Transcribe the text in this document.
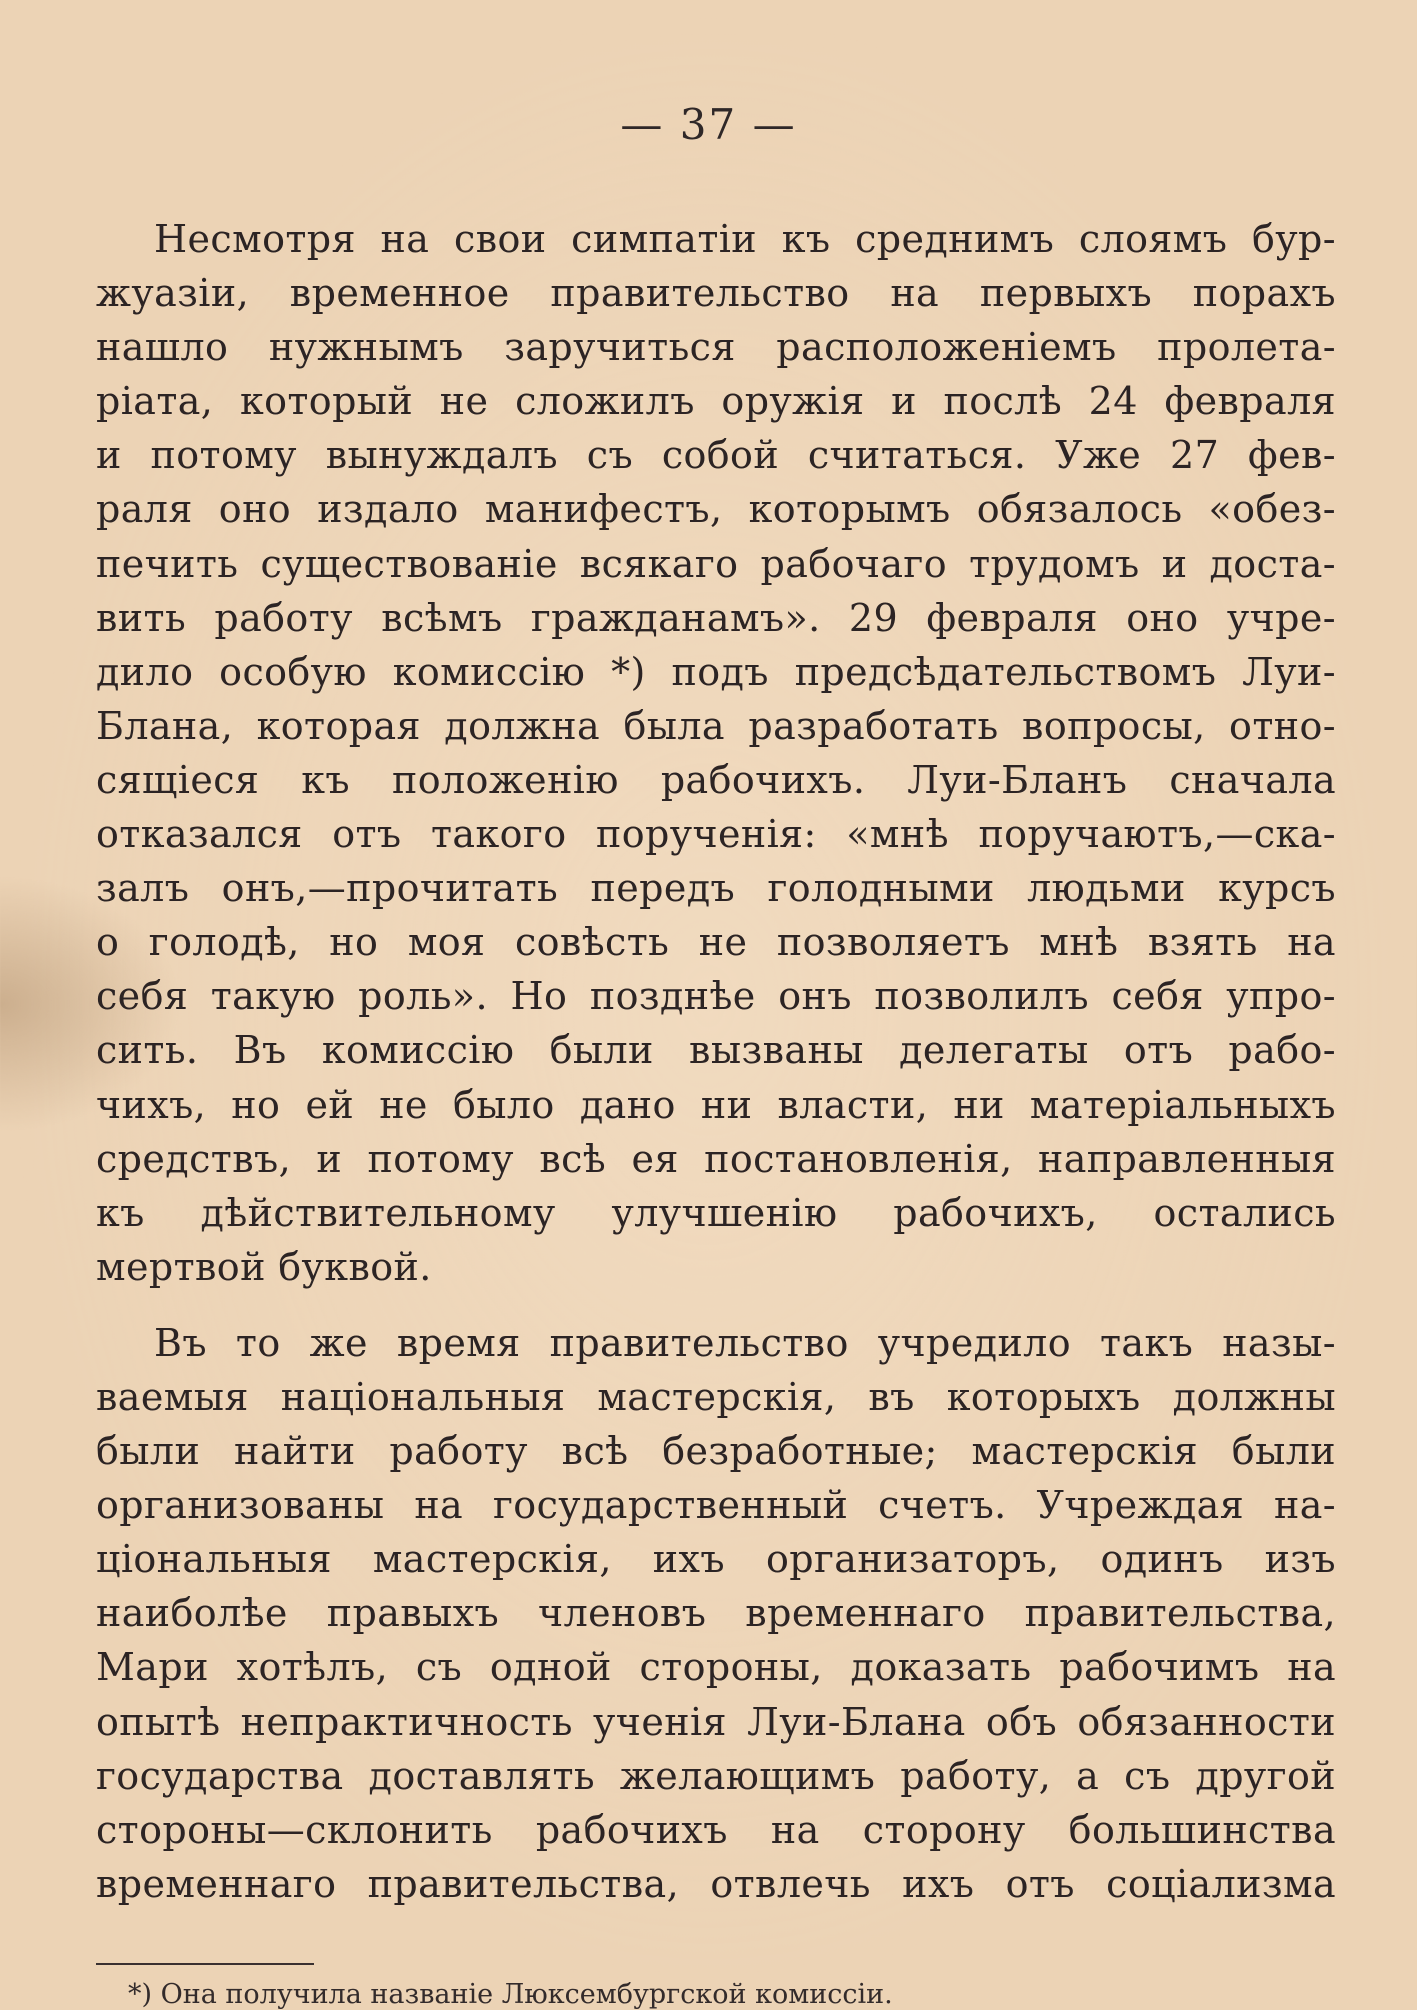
— 37 —
Несмотря на свои симпатiи къ среднимъ слоямъ бур-
жуазiи, временное правительство на первыхъ порахъ
нашло нужнымъ заручиться расположенiемъ пролета-
рiата, который не сложилъ оружiя и послѣ 24 февраля
и потому вынуждалъ съ собой считаться. Уже 27 фев-
раля оно издало манифестъ, которымъ обязалось «обез-
печить существованiе всякаго рабочаго трудомъ и доста-
вить работу всѣмъ гражданамъ». 29 февраля оно учре-
дило особую комиссiю *) подъ предсѣдательствомъ Луи-
Блана, которая должна была разработать вопросы, отно-
сящiеся къ положенiю рабочихъ. Луи-Бланъ сначала
отказался отъ такого порученiя: «мнѣ поручаютъ,—ска-
залъ онъ,—прочитать передъ голодными людьми курсъ
о голодѣ, но моя совѣсть не позволяетъ мнѣ взять на
себя такую роль». Но позднѣе онъ позволилъ себя упро-
сить. Въ комиссiю были вызваны делегаты отъ рабо-
чихъ, но ей не было дано ни власти, ни матерiальныхъ
средствъ, и потому всѣ ея постановленiя, направленныя
къ дѣйствительному улучшенiю рабочихъ, остались
мертвой буквой.
Въ то же время правительство учредило такъ назы-
ваемыя нацiональныя мастерскiя, въ которыхъ должны
были найти работу всѣ безработные; мастерскiя были
организованы на государственный счетъ. Учреждая на-
цiональныя мастерскiя, ихъ организаторъ, одинъ изъ
наиболѣе правыхъ членовъ временнаго правительства,
Мари хотѣлъ, съ одной стороны, доказать рабочимъ на
опытѣ непрактичность ученiя Луи-Блана объ обязанности
государства доставлять желающимъ работу, а съ другой
стороны—склонить рабочихъ на сторону большинства
временнаго правительства, отвлечь ихъ отъ соцiализма
*) Она получила названiе Люксембургской комиссiи.
